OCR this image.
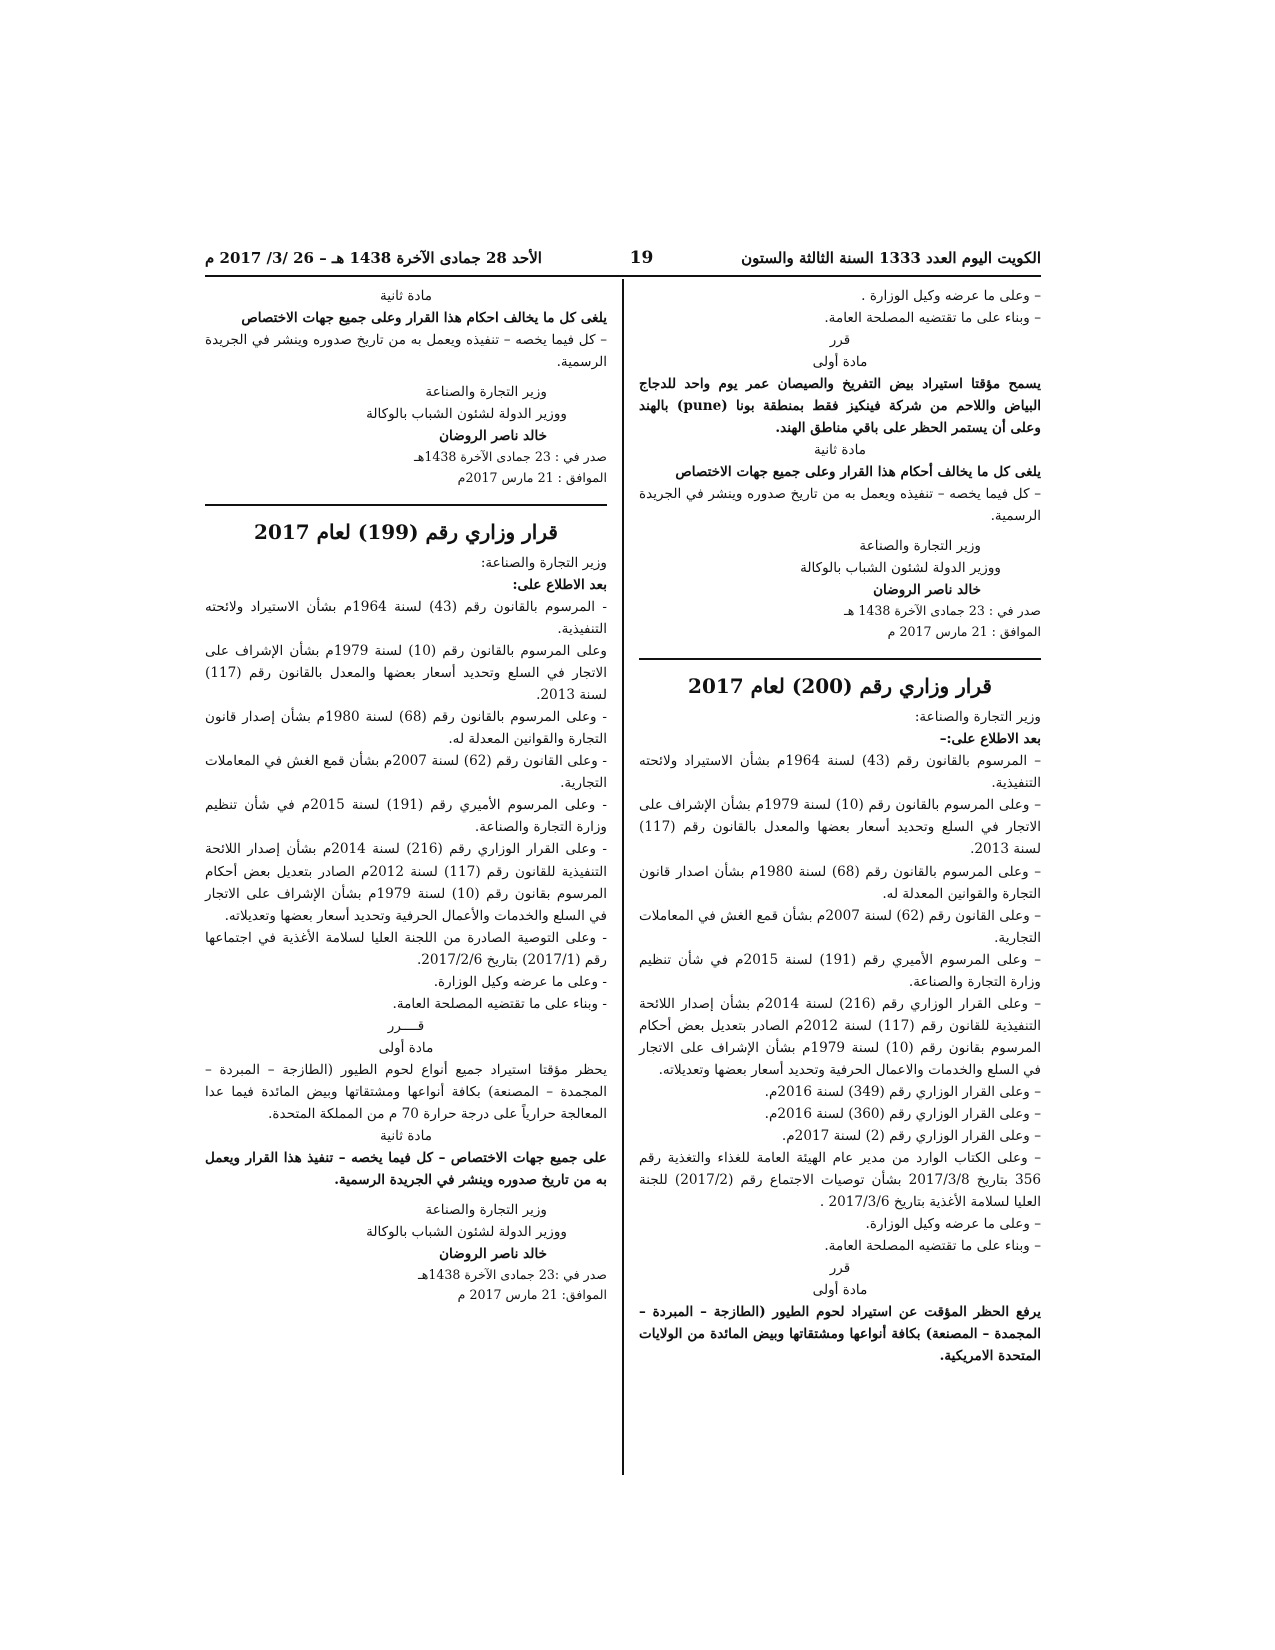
الكويت اليوم العدد 1333 السنة الثالثة والستون
19
الأحد 28 جمادى الآخرة 1438 هـ – 26 /3/ 2017 م

– وعلى ما عرضه وكيل الوزارة .

– وبناء على ما تقتضيه المصلحة العامة.

قرر

مادة أولى

يسمح مؤقتا استيراد بيض التفريخ والصيصان عمر يوم واحد للدجاج البياض واللاحم من شركة فينكيز فقط بمنطقة بونا (pune) بالهند وعلى أن يستمر الحظر على باقي مناطق الهند.

مادة ثانية

يلغى كل ما يخالف أحكام هذا القرار وعلى جميع جهات الاختصاص

– كل فيما يخصه – تنفيذه ويعمل به من تاريخ صدوره وينشر في الجريدة الرسمية.

وزير التجارة والصناعة

ووزير الدولة لشئون الشباب بالوكالة

خالد ناصر الروضان

صدر في : 23 جمادى الآخرة 1438 هـ

الموافق : 21 مارس 2017 م

قرار وزاري رقم (200) لعام 2017

وزير التجارة والصناعة:

بعد الاطلاع على:–

– المرسوم بالقانون رقم (43) لسنة 1964م بشأن الاستيراد ولائحته التنفيذية.

– وعلى المرسوم بالقانون رقم (10) لسنة 1979م بشأن الإشراف على الاتجار في السلع وتحديد أسعار بعضها والمعدل بالقانون رقم (117) لسنة 2013.

– وعلى المرسوم بالقانون رقم (68) لسنة 1980م بشأن اصدار قانون التجارة والقوانين المعدلة له.

– وعلى القانون رقم (62) لسنة 2007م بشأن قمع الغش في المعاملات التجارية.

– وعلى المرسوم الأميري رقم (191) لسنة 2015م في شأن تنظيم وزارة التجارة والصناعة.

– وعلى القرار الوزاري رقم (216) لسنة 2014م بشأن إصدار اللائحة التنفيذية للقانون رقم (117) لسنة 2012م الصادر بتعديل بعض أحكام المرسوم بقانون رقم (10) لسنة 1979م بشأن الإشراف على الاتجار في السلع والخدمات والاعمال الحرفية وتحديد أسعار بعضها وتعديلاته.

– وعلى القرار الوزاري رقم (349) لسنة 2016م.

– وعلى القرار الوزاري رقم (360) لسنة 2016م.

– وعلى القرار الوزاري رقم (2) لسنة 2017م.

– وعلى الكتاب الوارد من مدير عام الهيئة العامة للغذاء والتغذية رقم 356 بتاريخ 2017/3/8 بشأن توصيات الاجتماع رقم (2017/2) للجنة العليا لسلامة الأغذية بتاريخ 2017/3/6 .

– وعلى ما عرضه وكيل الوزارة.

– وبناء على ما تقتضيه المصلحة العامة.

قرر

مادة أولى

يرفع الحظر المؤقت عن استيراد لحوم الطيور (الطازجة – المبردة – المجمدة – المصنعة) بكافة أنواعها ومشتقاتها وبيض المائدة من الولايات المتحدة الامريكية.

مادة ثانية

يلغى كل ما يخالف احكام هذا القرار وعلى جميع جهات الاختصاص

– كل فيما يخصه – تنفيذه ويعمل به من تاريخ صدوره وينشر في الجريدة الرسمية.

وزير التجارة والصناعة

ووزير الدولة لشئون الشباب بالوكالة

خالد ناصر الروضان

صدر في : 23 جمادى الآخرة 1438هـ

الموافق : 21 مارس 2017م

قرار وزاري رقم (199) لعام 2017

وزير التجارة والصناعة:

بعد الاطلاع على:

- المرسوم بالقانون رقم (43) لسنة 1964م بشأن الاستيراد ولائحته التنفيذية.

وعلى المرسوم بالقانون رقم (10) لسنة 1979م بشأن الإشراف على الاتجار في السلع وتحديد أسعار بعضها والمعدل بالقانون رقم (117) لسنة 2013.

- وعلى المرسوم بالقانون رقم (68) لسنة 1980م بشأن إصدار قانون التجارة والقوانين المعدلة له.

- وعلى القانون رقم (62) لسنة 2007م بشأن قمع الغش في المعاملات التجارية.

- وعلى المرسوم الأميري رقم (191) لسنة 2015م في شأن تنظيم وزارة التجارة والصناعة.

- وعلى القرار الوزاري رقم (216) لسنة 2014م بشأن إصدار اللائحة التنفيذية للقانون رقم (117) لسنة 2012م الصادر بتعديل بعض أحكام المرسوم بقانون رقم (10) لسنة 1979م بشأن الإشراف على الاتجار في السلع والخدمات والأعمال الحرفية وتحديد أسعار بعضها وتعديلاته.

- وعلى التوصية الصادرة من اللجنة العليا لسلامة الأغذية في اجتماعها رقم (2017/1) بتاريخ 2017/2/6.

- وعلى ما عرضه وكيل الوزارة.

- وبناء على ما تقتضيه المصلحة العامة.

قــــرر

مادة أولى

يحظر مؤقتا استيراد جميع أنواع لحوم الطيور (الطازجة – المبردة – المجمدة – المصنعة) بكافة أنواعها ومشتقاتها وبيض المائدة فيما عدا المعالجة حرارياً على درجة حرارة 70 م من المملكة المتحدة.

مادة ثانية

على جميع جهات الاختصاص – كل فيما يخصه – تنفيذ هذا القرار ويعمل به من تاريخ صدوره وينشر في الجريدة الرسمية.

وزير التجارة والصناعة

ووزير الدولة لشئون الشباب بالوكالة

خالد ناصر الروضان

صدر في :23 جمادى الآخرة 1438هـ

الموافق: 21 مارس 2017 م
